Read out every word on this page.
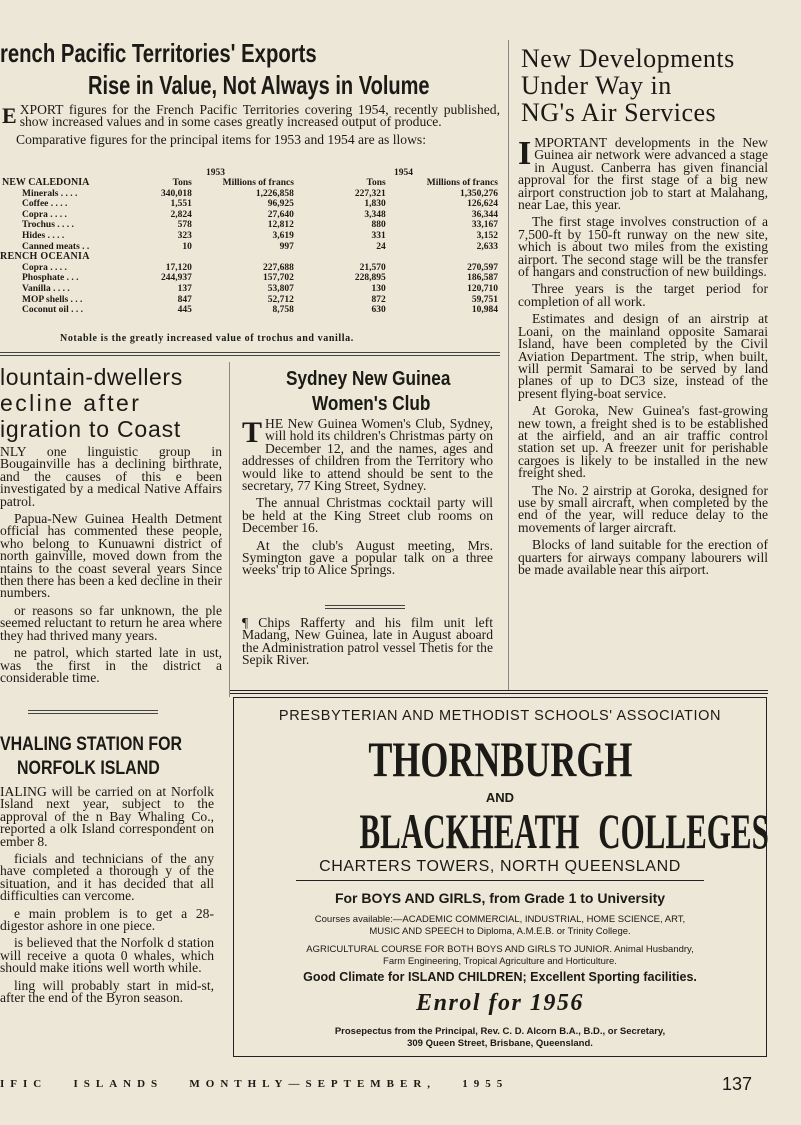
rench Pacific Territories' Exports
Rise in Value, Not Always in Volume

EXPORT figures for the French Pacific Territories covering 1954, recently published, show increased values and in some cases greatly increased output of produce.

Comparative figures for the principal items for 1953 and 1954 are as llows:

1953	1954
NEW CALEDONIA	Tons	Millions of francs	Tons	Millions of francs
Minerals . . . .	340,018	1,226,858	227,321	1,350,276
Coffee . . . .	1,551	96,925	1,830	126,624
Copra . . . .	2,824	27,640	3,348	36,344
Trochus . . . .	578	12,812	880	33,167
Hides . . . .	323	3,619	331	3,152
Canned meats . .	10	997	24	2,633
RENCH OCEANIA				
Copra . . . .	17,120	227,688	21,570	270,597
Phosphate . . .	244,937	157,702	228,895	186,587
Vanilla . . . .	137	53,807	130	120,710
MOP shells . . .	847	52,712	872	59,751
Coconut oil . . .	445	8,758	630	10,984
Notable is the greatly increased value of trochus and vanilla.
New Developments
Under Way in
NG's Air Services

IMPORTANT developments in the New Guinea air network were advanced a stage in August. Canberra has given financial approval for the first stage of a big new airport construction job to start at Malahang, near Lae, this year.

The first stage involves construction of a 7,500-ft by 150-ft runway on the new site, which is about two miles from the existing airport. The second stage will be the transfer of hangars and construction of new buildings.

Three years is the target period for completion of all work.

Estimates and design of an airstrip at Loani, on the mainland opposite Samarai Island, have been completed by the Civil Aviation Department. The strip, when built, will permit Samarai to be served by land planes of up to DC3 size, instead of the present flying-boat service.

At Goroka, New Guinea's fast-growing new town, a freight shed is to be established at the airfield, and an air traffic control station set up. A freezer unit for perishable cargoes is likely to be installed in the new freight shed.

The No. 2 airstrip at Goroka, designed for use by small aircraft, when completed by the end of the year, will reduce delay to the movements of larger aircraft.

Blocks of land suitable for the erection of quarters for airways company labourers will be made available near this airport.

lountain-dwellers
ecline after
igration to Coast

NLY one linguistic group in Bougainville has a declining birthrate, and the causes of this e been investigated by a medical Native Affairs patrol.

Papua-New Guinea Health Detment official has commented these people, who belong to Kunuawni district of north gainville, moved down from the ntains to the coast several years Since then there has been a ked decline in their numbers.

or reasons so far unknown, the ple seemed reluctant to return he area where they had thrived many years.

ne patrol, which started late in ust, was the first in the district a considerable time.

Sydney New Guinea
Women's Club

THE New Guinea Women's Club, Sydney, will hold its children's Christmas party on December 12, and the names, ages and addresses of children from the Territory who would like to attend should be sent to the secretary, 77 King Street, Sydney.

The annual Christmas cocktail party will be held at the King Street club rooms on December 16.

At the club's August meeting, Mrs. Symington gave a popular talk on a three weeks' trip to Alice Springs.

¶ Chips Rafferty and his film unit left Madang, New Guinea, late in August aboard the Administration patrol vessel Thetis for the Sepik River.

VHALING STATION FOR
NORFOLK ISLAND

IALING will be carried on at Norfolk Island next year, subject to the approval of the n Bay Whaling Co., reported a olk Island correspondent on ember 8.

ficials and technicians of the any have completed a thorough y of the situation, and it has decided that all difficulties can vercome.

e main problem is to get a 28-digestor ashore in one piece.

is believed that the Norfolk d station will receive a quota 0 whales, which should make itions well worth while.

ling will probably start in mid-st, after the end of the Byron season.

PRESBYTERIAN AND METHODIST SCHOOLS' ASSOCIATION
THORNBURGH
AND
BLACKHEATH COLLEGES
CHARTERS TOWERS, NORTH QUEENSLAND
For BOYS AND GIRLS, from Grade 1 to University
Courses available:—ACADEMIC COMMERCIAL, INDUSTRIAL, HOME SCIENCE, ART,
MUSIC AND SPEECH to Diploma, A.M.E.B. or Trinity College.
AGRICULTURAL COURSE FOR BOTH BOYS AND GIRLS TO JUNIOR. Animal Husbandry,
Farm Engineering, Tropical Agriculture and Horticulture.
Good Climate for ISLAND CHILDREN; Excellent Sporting facilities.
Enrol for 1956
Prosepectus from the Principal, Rev. C. D. Alcorn B.A., B.D., or Secretary,
309 Queen Street, Brisbane, Queensland.
IFIC   ISLANDS   MONTHLY—SEPTEMBER,   1955	137
